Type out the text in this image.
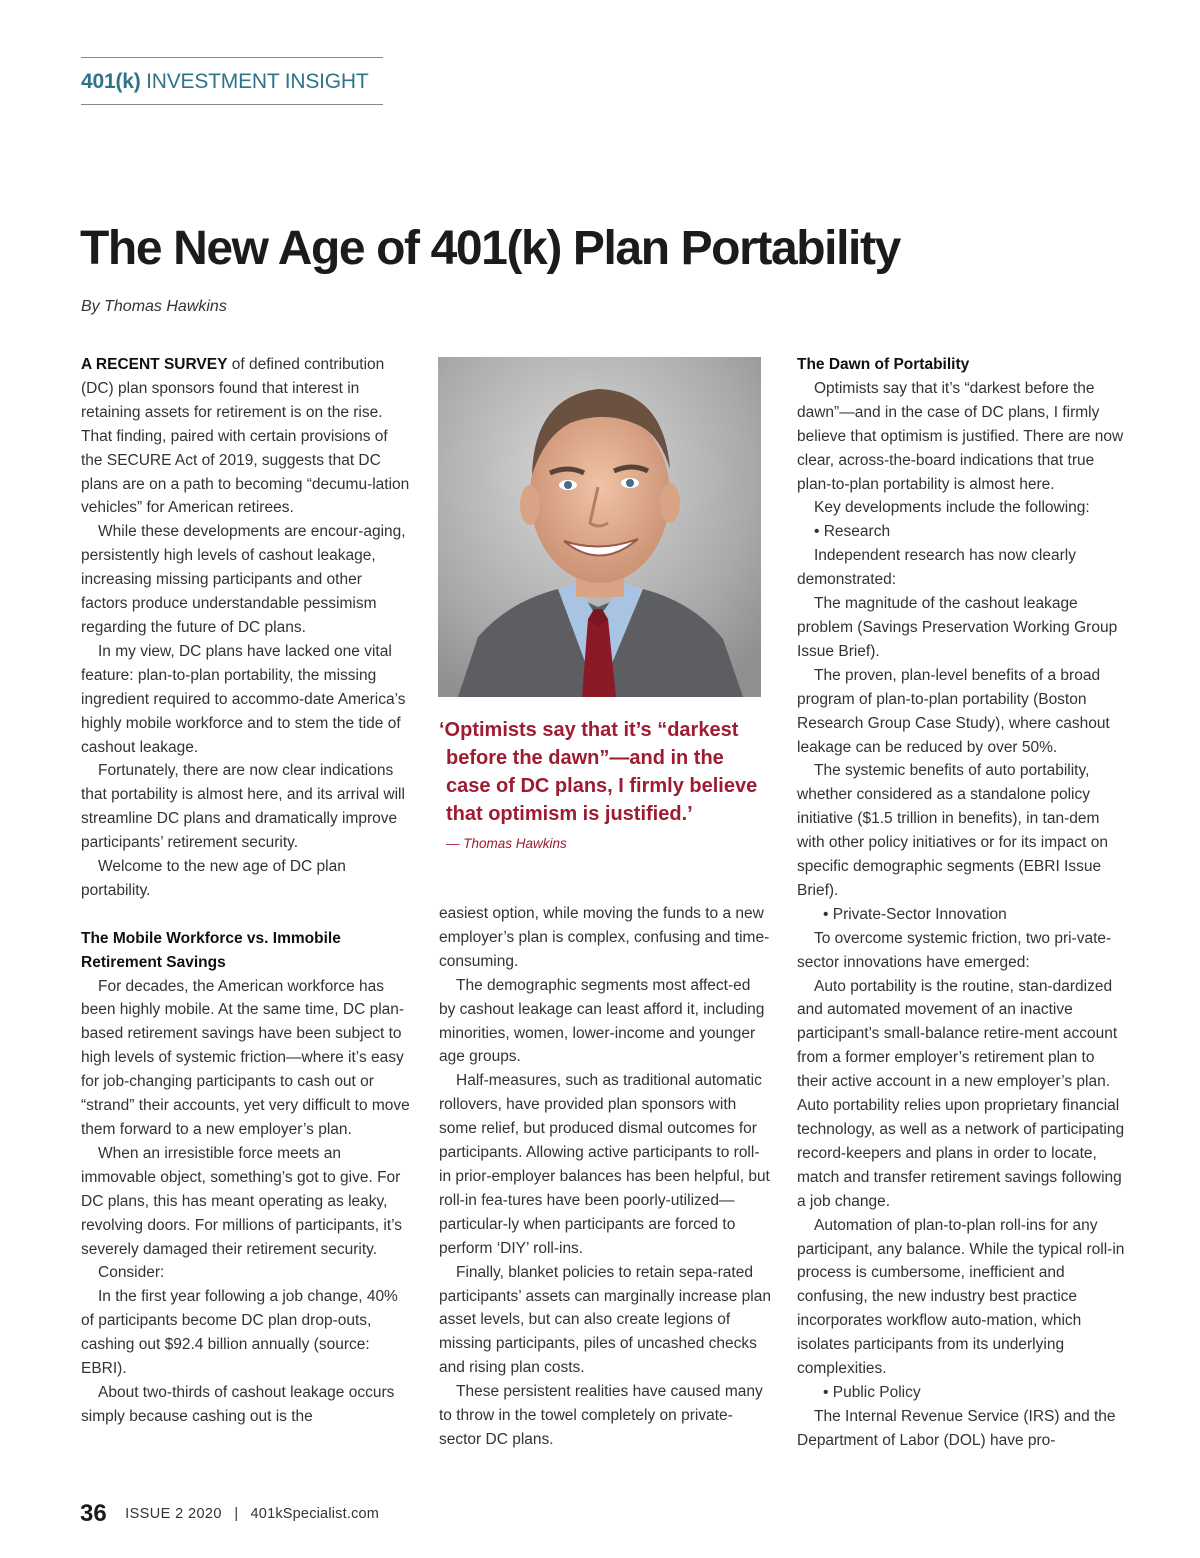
401(k) INVESTMENT INSIGHT
The New Age of 401(k) Plan Portability
By Thomas Hawkins

A RECENT SURVEY of defined contribution (DC) plan sponsors found that interest in retaining assets for retirement is on the rise. That finding, paired with certain provisions of the SECURE Act of 2019, suggests that DC plans are on a path to becoming “decumu-lation vehicles” for American retirees.

While these developments are encour-aging, persistently high levels of cashout leakage, increasing missing participants and other factors produce understandable pessimism regarding the future of DC plans.

In my view, DC plans have lacked one vital feature: plan-to-plan portability, the missing ingredient required to accommo-date America’s highly mobile workforce and to stem the tide of cashout leakage.

Fortunately, there are now clear indications that portability is almost here, and its arrival will streamline DC plans and dramatically improve participants’ retirement security.

Welcome to the new age of DC plan portability.

The Mobile Workforce vs. Immobile Retirement Savings

For decades, the American workforce has been highly mobile. At the same time, DC plan-based retirement savings have been subject to high levels of systemic friction—where it’s easy for job-changing participants to cash out or “strand” their accounts, yet very difficult to move them forward to a new employer’s plan.

When an irresistible force meets an immovable object, something’s got to give. For DC plans, this has meant operating as leaky, revolving doors. For millions of participants, it’s severely damaged their retirement security.

Consider:

In the first year following a job change, 40% of participants become DC plan drop-outs, cashing out $92.4 billion annually (source: EBRI).

About two-thirds of cashout leakage occurs simply because cashing out is the

‘Optimists say that it’s “darkest before the dawn”—and in the case of DC plans, I firmly believe that optimism is justified.’

— Thomas Hawkins

easiest option, while moving the funds to a new employer’s plan is complex, confusing and time-consuming.

The demographic segments most affect-ed by cashout leakage can least afford it, including minorities, women, lower-income and younger age groups.

Half-measures, such as traditional automatic rollovers, have provided plan sponsors with some relief, but produced dismal outcomes for participants. Allowing active participants to roll-in prior-employer balances has been helpful, but roll-in fea-tures have been poorly-utilized—particular-ly when participants are forced to perform ‘DIY’ roll-ins.

Finally, blanket policies to retain sepa-rated participants’ assets can marginally increase plan asset levels, but can also create legions of missing participants, piles of uncashed checks and rising plan costs.

These persistent realities have caused many to throw in the towel completely on private-sector DC plans.

The Dawn of Portability

Optimists say that it’s “darkest before the dawn”—and in the case of DC plans, I firmly believe that optimism is justified. There are now clear, across-the-board indications that true plan-to-plan portability is almost here.

Key developments include the following:

• Research

Independent research has now clearly demonstrated:

The magnitude of the cashout leakage problem (Savings Preservation Working Group Issue Brief).

The proven, plan-level benefits of a broad program of plan-to-plan portability (Boston Research Group Case Study), where cashout leakage can be reduced by over 50%.

The systemic benefits of auto portability, whether considered as a standalone policy initiative ($1.5 trillion in benefits), in tan-dem with other policy initiatives or for its impact on specific demographic segments (EBRI Issue Brief).

• Private-Sector Innovation

To overcome systemic friction, two pri-vate-sector innovations have emerged:

Auto portability is the routine, stan-dardized and automated movement of an inactive participant’s small-balance retire-ment account from a former employer’s retirement plan to their active account in a new employer’s plan. Auto portability relies upon proprietary financial technology, as well as a network of participating record-keepers and plans in order to locate, match and transfer retirement savings following a job change.

Automation of plan-to-plan roll-ins for any participant, any balance. While the typical roll-in process is cumbersome, inefficient and confusing, the new industry best practice incorporates workflow auto-mation, which isolates participants from its underlying complexities.

• Public Policy

The Internal Revenue Service (IRS) and the Department of Labor (DOL) have pro-

36 ISSUE 2 2020 | 401kSpecialist.com
